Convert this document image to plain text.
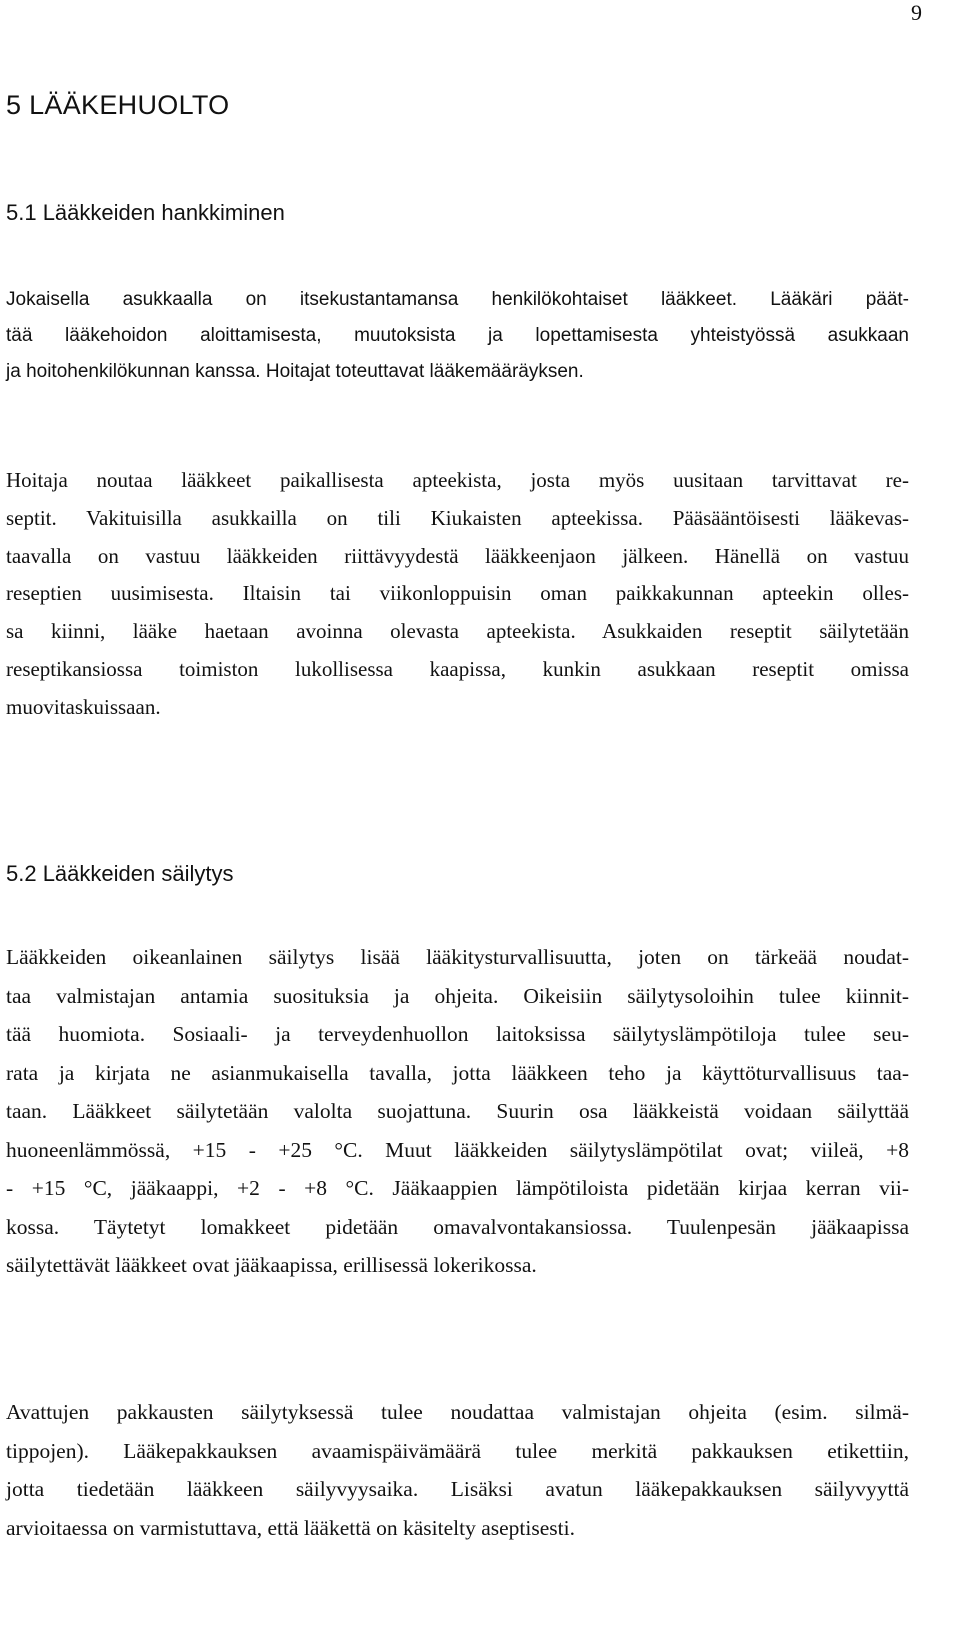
9
5 LÄÄKEHUOLTO
5.1 Lääkkeiden hankkiminen
Jokaisella asukkaalla on itsekustantamansa henkilökohtaiset lääkkeet. Lääkäri päät-
tää lääkehoidon aloittamisesta, muutoksista ja lopettamisesta yhteistyössä asukkaan
ja hoitohenkilökunnan kanssa. Hoitajat toteuttavat lääkemääräyksen.
Hoitaja noutaa lääkkeet paikallisesta apteekista, josta myös uusitaan tarvittavat re-
septit. Vakituisilla asukkailla on tili Kiukaisten apteekissa. Pääsääntöisesti lääkevas-
taavalla on vastuu lääkkeiden riittävyydestä lääkkeenjaon jälkeen. Hänellä on vastuu
reseptien uusimisesta. Iltaisin tai viikonloppuisin oman paikkakunnan apteekin olles-
sa kiinni, lääke haetaan avoinna olevasta apteekista. Asukkaiden reseptit säilytetään
reseptikansiossa toimiston lukollisessa kaapissa, kunkin asukkaan reseptit omissa
muovitaskuissaan.
5.2 Lääkkeiden säilytys
Lääkkeiden oikeanlainen säilytys lisää lääkitysturvallisuutta, joten on tärkeää noudat-
taa valmistajan antamia suosituksia ja ohjeita. Oikeisiin säilytysoloihin tulee kiinnit-
tää huomiota. Sosiaali- ja terveydenhuollon laitoksissa säilytyslämpötiloja tulee seu-
rata ja kirjata ne asianmukaisella tavalla, jotta lääkkeen teho ja käyttöturvallisuus taa-
taan. Lääkkeet säilytetään valolta suojattuna. Suurin osa lääkkeistä voidaan säilyttää
huoneenlämmössä, +15 - +25 °C. Muut lääkkeiden säilytyslämpötilat ovat; viileä, +8
- +15 °C, jääkaappi, +2 - +8 °C. Jääkaappien lämpötiloista pidetään kirjaa kerran vii-
kossa. Täytetyt lomakkeet pidetään omavalvontakansiossa. Tuulenpesän jääkaapissa
säilytettävät lääkkeet ovat jääkaapissa, erillisessä lokerikossa.
Avattujen pakkausten säilytyksessä tulee noudattaa valmistajan ohjeita (esim. silmä-
tippojen). Lääkepakkauksen avaamispäivämäärä tulee merkitä pakkauksen etikettiin,
jotta tiedetään lääkkeen säilyvyysaika. Lisäksi avatun lääkepakkauksen säilyvyyttä
arvioitaessa on varmistuttava, että lääkettä on käsitelty aseptisesti.
